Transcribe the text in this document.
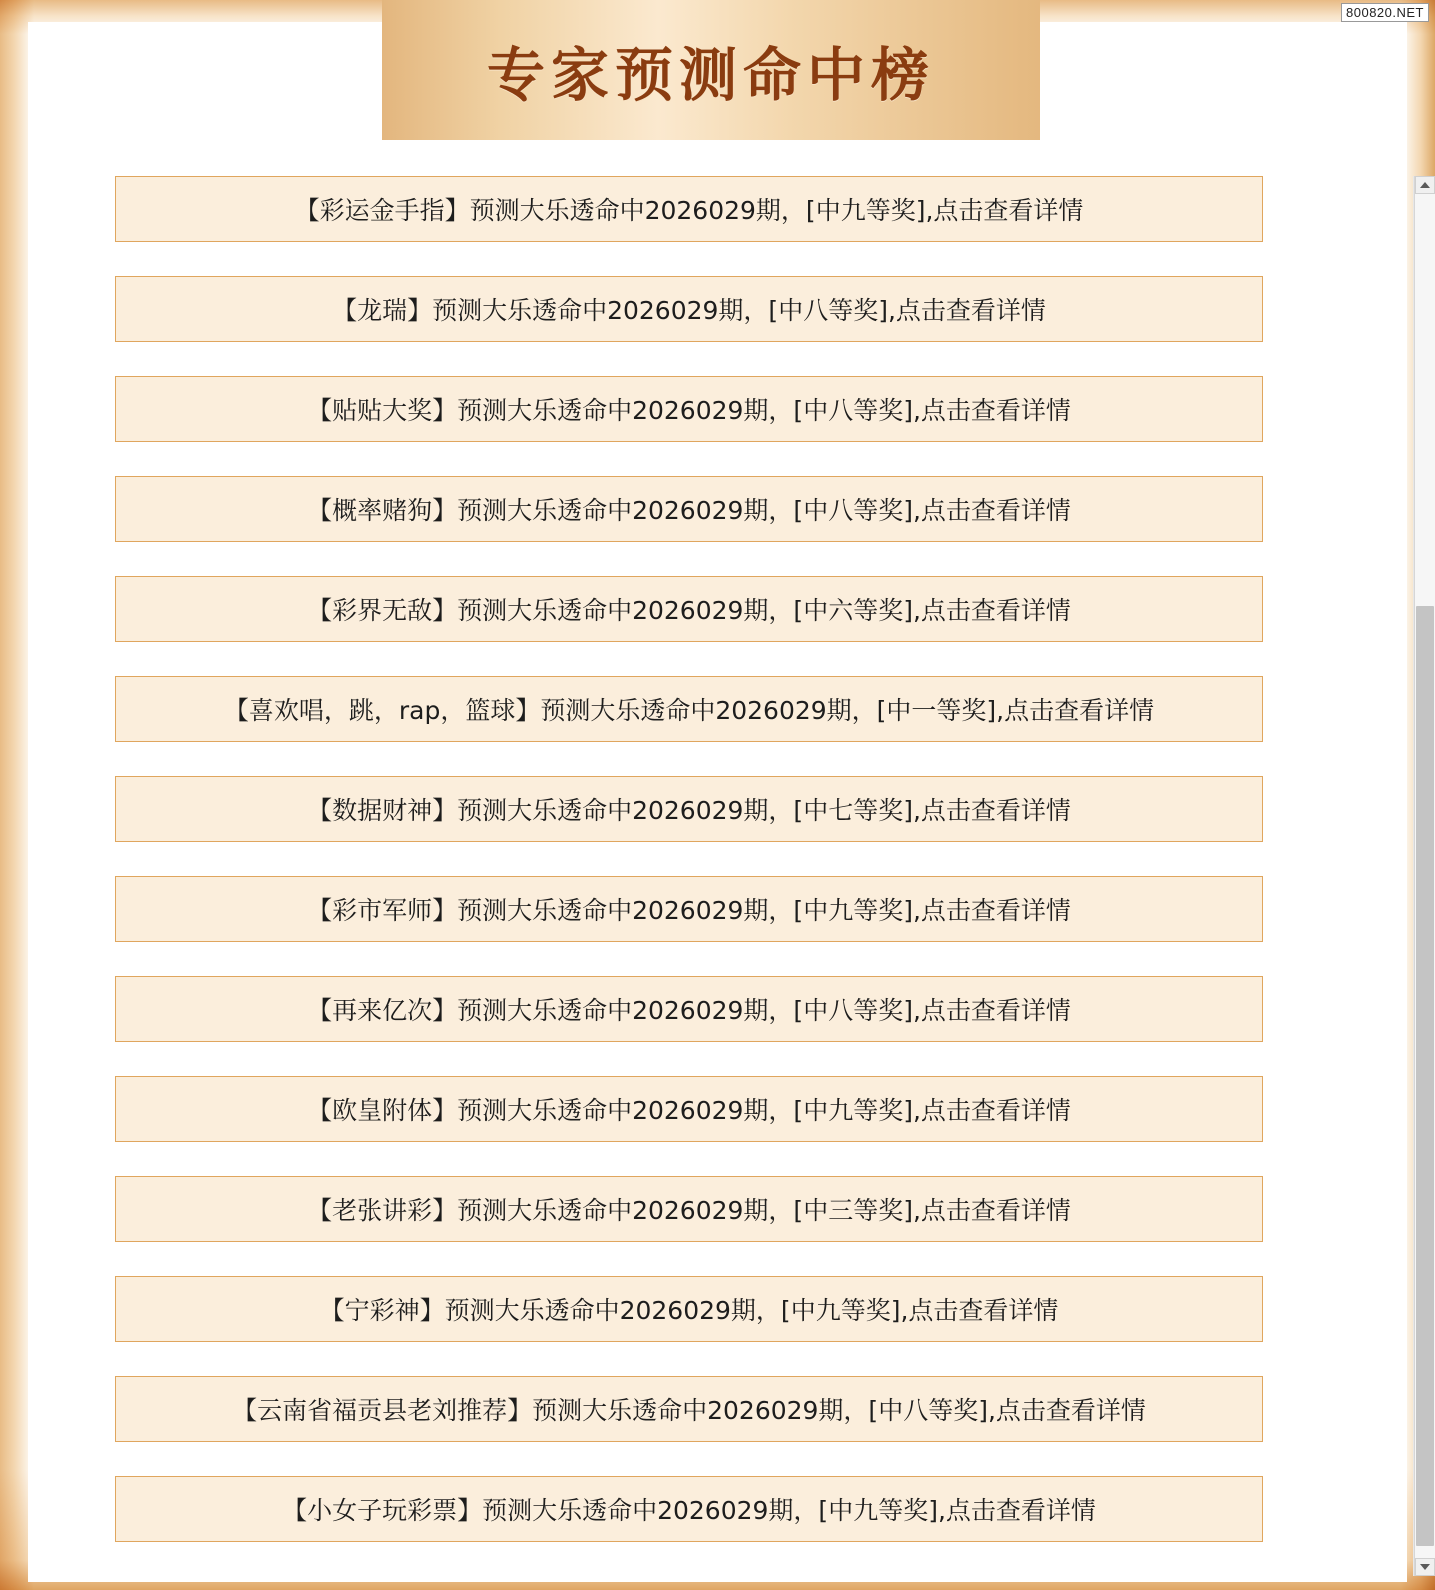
800820.NET
专家预测命中榜
【彩运金手指】预测大乐透命中2026029期，[中九等奖],点击查看详情
【龙瑞】预测大乐透命中2026029期，[中八等奖],点击查看详情
【贴贴大奖】预测大乐透命中2026029期，[中八等奖],点击查看详情
【概率赌狗】预测大乐透命中2026029期，[中八等奖],点击查看详情
【彩界无敌】预测大乐透命中2026029期，[中六等奖],点击查看详情
【喜欢唱，跳，rap，篮球】预测大乐透命中2026029期，[中一等奖],点击查看详情
【数据财神】预测大乐透命中2026029期，[中七等奖],点击查看详情
【彩市军师】预测大乐透命中2026029期，[中九等奖],点击查看详情
【再来亿次】预测大乐透命中2026029期，[中八等奖],点击查看详情
【欧皇附体】预测大乐透命中2026029期，[中九等奖],点击查看详情
【老张讲彩】预测大乐透命中2026029期，[中三等奖],点击查看详情
【宁彩神】预测大乐透命中2026029期，[中九等奖],点击查看详情
【云南省福贡县老刘推荐】预测大乐透命中2026029期，[中八等奖],点击查看详情
【小女子玩彩票】预测大乐透命中2026029期，[中九等奖],点击查看详情
